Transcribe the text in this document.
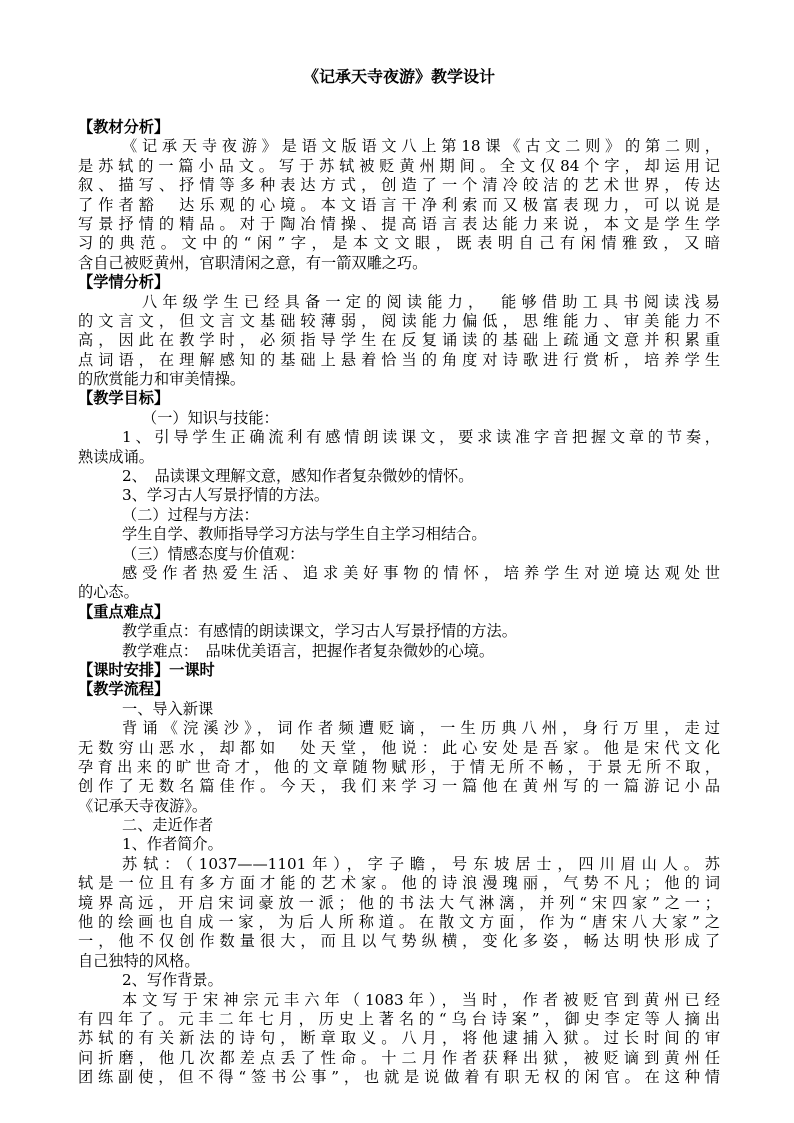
《记承天寺夜游》教学设计
【教材分析】
《记承天寺夜游》是语文版语文八上第18课《古文二则》的第二则，
是苏轼的一篇小品文。写于苏轼被贬黄州期间。全文仅84个字，却运用记
叙、描写、抒情等多种表达方式，创造了一个清冷皎洁的艺术世界，传达
了作者豁　达乐观的心境。本文语言干净利索而又极富表现力，可以说是
写景抒情的精品。对于陶冶情操、提高语言表达能力来说，本文是学生学
习的典范。文中的“闲”字，是本文文眼，既表明自己有闲情雅致，又暗
含自己被贬黄州，官职清闲之意，有一箭双雕之巧。
【学情分析】
八年级学生已经具备一定的阅读能力，　能够借助工具书阅读浅易
的文言文，但文言文基础较薄弱，阅读能力偏低，思维能力、审美能力不
高，因此在教学时，必须指导学生在反复诵读的基础上疏通文意并积累重
点词语，在理解感知的基础上悬着恰当的角度对诗歌进行赏析，培养学生
的欣赏能力和审美情操。
【教学目标】
（一）知识与技能：
1、引导学生正确流利有感情朗读课文，要求读准字音把握文章的节奏，
熟读成诵。
2、　品读课文理解文意，感知作者复杂微妙的情怀。
3、学习古人写景抒情的方法。
（二）过程与方法：
学生自学、教师指导学习方法与学生自主学习相结合。
（三）情感态度与价值观：
感受作者热爱生活、追求美好事物的情怀，培养学生对逆境达观处世
的心态。
【重点难点】
教学重点：有感情的朗读课文，学习古人写景抒情的方法。
教学难点：　品味优美语言，把握作者复杂微妙的心境。
【课时安排】一课时
【教学流程】
一、导入新课
背诵《浣溪沙》，词作者频遭贬谪，一生历典八州，身行万里，走过
无数穷山恶水，却都如　处天堂，他说：此心安处是吾家。他是宋代文化
孕育出来的旷世奇才，他的文章随物赋形，于情无所不畅，于景无所不取，
创作了无数名篇佳作。今天，我们来学习一篇他在黄州写的一篇游记小品
《记承天寺夜游》。
二、走近作者
1、作者简介。
苏轼：（1037——1101年），字子瞻，号东坡居士，四川眉山人。苏
轼是一位且有多方面才能的艺术家。他的诗浪漫瑰丽，气势不凡；他的词
境界高远，开启宋词豪放一派；他的书法大气淋漓，并列“宋四家”之一；
他的绘画也自成一家，为后人所称道。在散文方面，作为“唐宋八大家”之
一，他不仅创作数量很大，而且以气势纵横，变化多姿，畅达明快形成了
自己独特的风格。
2、写作背景。
本文写于宋神宗元丰六年（1083年），当时，作者被贬官到黄州已经
有四年了。元丰二年七月，历史上著名的“乌台诗案”，御史李定等人摘出
苏轼的有关新法的诗句，断章取义。八月，将他逮捕入狱。过长时间的审
问折磨，他几次都差点丢了性命。十二月作者获释出狱，被贬谪到黄州任
团练副使，但不得“签书公事”，也就是说做着有职无权的闲官。在这种情
